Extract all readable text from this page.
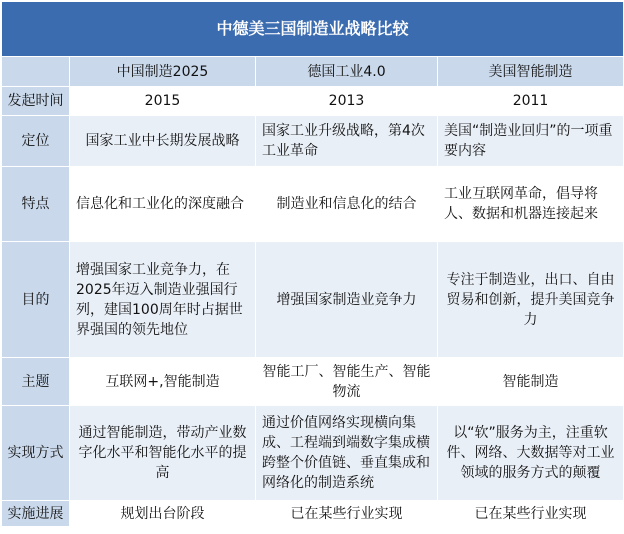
中德美三国制造业战略比较			
	中国制造2025	德国工业4.0	美国智能制造
发起时间	2015	2013	2011
定位	国家工业中长期发展战略	国家工业升级战略，第4次工业革命	美国“制造业回归”的一项重要内容
特点	信息化和工业化的深度融合	制造业和信息化的结合	工业互联网革命，倡导将人、数据和机器连接起来
目的	增强国家工业竞争力，在2025年迈入制造业强国行列，建国100周年时占据世界强国的领先地位	增强国家制造业竞争力	专注于制造业，出口、自由贸易和创新，提升美国竞争力
主题	互联网+,智能制造	智能工厂、智能生产、智能物流	智能制造
实现方式	通过智能制造，带动产业数字化水平和智能化水平的提高	通过价值网络实现横向集成、工程端到端数字集成横跨整个价值链、垂直集成和网络化的制造系统	以“软”服务为主，注重软件、网络、大数据等对工业领域的服务方式的颠覆
实施进展	规划出台阶段	已在某些行业实现	已在某些行业实现
